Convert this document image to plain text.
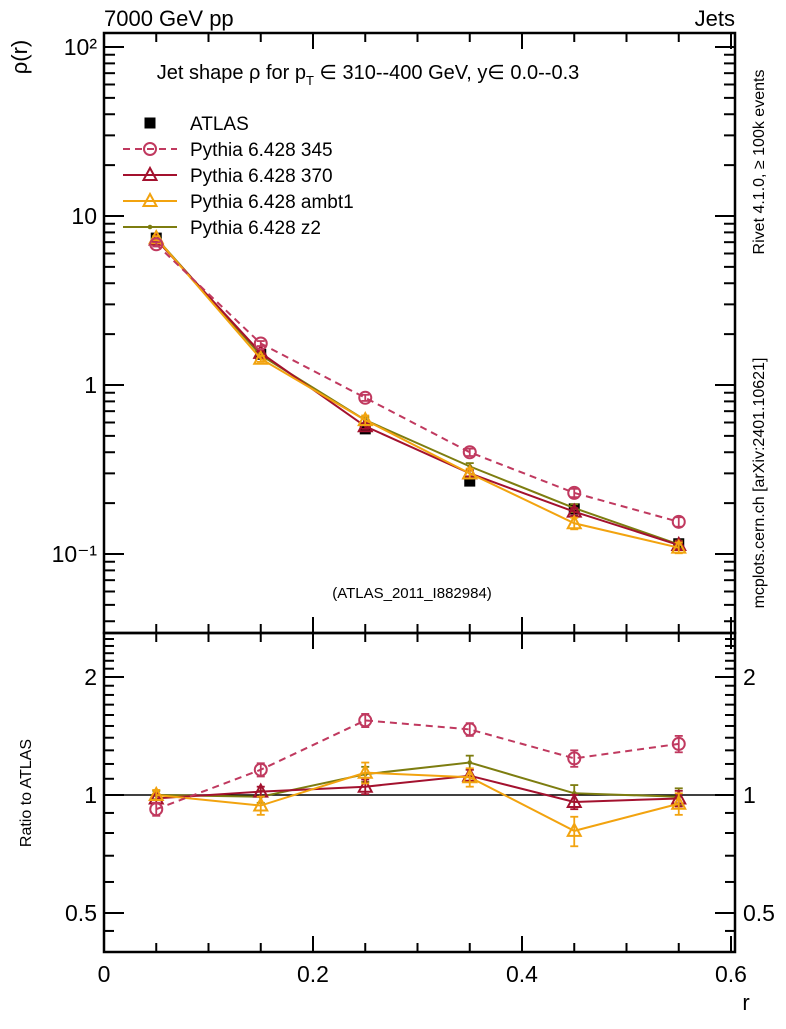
10²
10
1
10⁻¹
2	2
1	1
0.5	0.5
0	0.2	0.4	0.6
ATLAS
Pythia 6.428 345
Pythia 6.428 370
Pythia 6.428 ambt1
Pythia 6.428 z2
7000 GeV pp	Jets
ρ(r)	Jet shape ρ for $p_T$ ∈ 310--400 GeV, y∈ 0.0--0.3	Rivet 4.1.0, ≥ 100k events
mcplots.cern.ch [arXiv:2401.10621]
(ATLAS_2011_I882984)
Ratio to ATLAS
r
